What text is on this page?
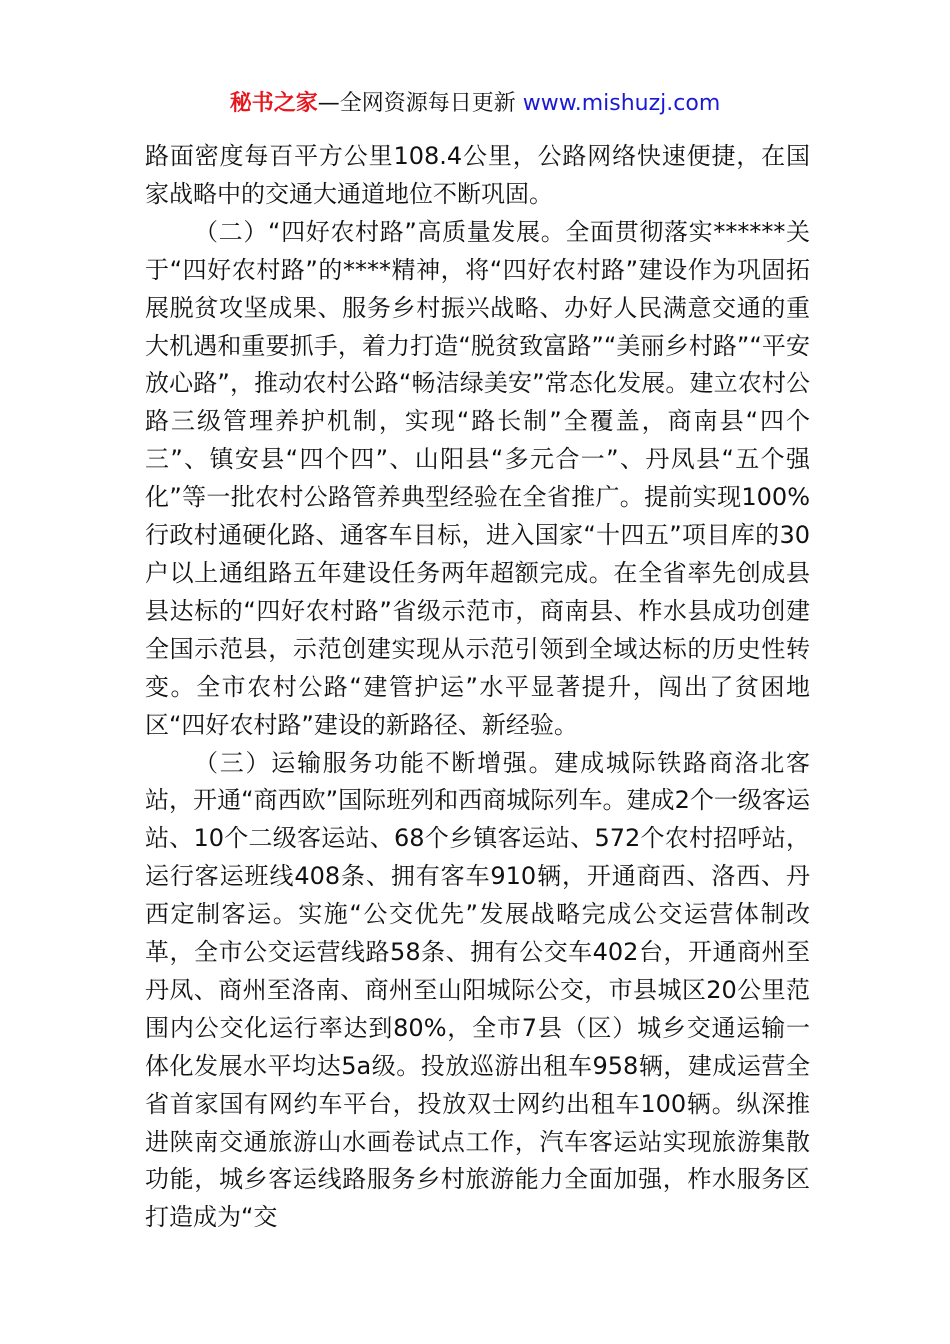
秘书之家—全网资源每日更新 www.mishuzj.com

路面密度每百平方公里108.4公里，公路网络快速便捷，在国家战略中的交通大通道地位不断巩固。

（二）“四好农村路”高质量发展。全面贯彻落实******关于“四好农村路”的****精神，将“四好农村路”建设作为巩固拓展脱贫攻坚成果、服务乡村振兴战略、办好人民满意交通的重大机遇和重要抓手，着力打造“脱贫致富路”“美丽乡村路”“平安放心路”，推动农村公路“畅洁绿美安”常态化发展。建立农村公路三级管理养护机制，实现“路长制”全覆盖，商南县“四个三”、镇安县“四个四”、山阳县“多元合一”、丹凤县“五个强化”等一批农村公路管养典型经验在全省推广。提前实现100%行政村通硬化路、通客车目标，进入国家“十四五”项目库的30户以上通组路五年建设任务两年超额完成。在全省率先创成县县达标的“四好农村路”省级示范市，商南县、柞水县成功创建全国示范县，示范创建实现从示范引领到全域达标的历史性转变。全市农村公路“建管护运”水平显著提升，闯出了贫困地区“四好农村路”建设的新路径、新经验。

（三）运输服务功能不断增强。建成城际铁路商洛北客站，开通“商西欧”国际班列和西商城际列车。建成2个一级客运站、10个二级客运站、68个乡镇客运站、572个农村招呼站，运行客运班线408条、拥有客车910辆，开通商西、洛西、丹西定制客运。实施“公交优先”发展战略完成公交运营体制改革，全市公交运营线路58条、拥有公交车402台，开通商州至丹凤、商州至洛南、商州至山阳城际公交，市县城区20公里范围内公交化运行率达到80%，全市7县（区）城乡交通运输一体化发展水平均达5a级。投放巡游出租车958辆，建成运营全省首家国有网约车平台，投放双士网约出租车100辆。纵深推进陕南交通旅游山水画卷试点工作，汽车客运站实现旅游集散功能，城乡客运线路服务乡村旅游能力全面加强，柞水服务区打造成为“交
